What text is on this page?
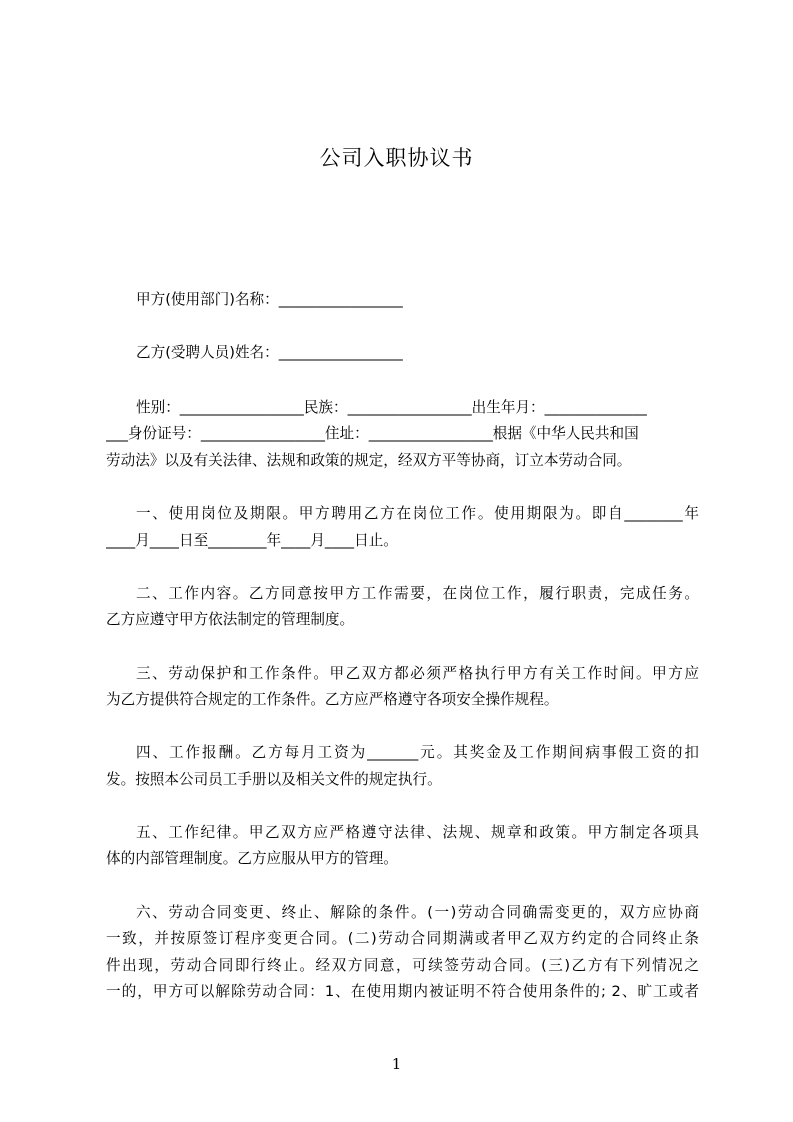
公司入职协议书
甲方(使用部门)名称：_________________
乙方(受聘人员)姓名：_________________
性别：_________________民族：_________________出生年月：______________
___身份证号：_________________住址：_________________根据《中华人民共和国
劳动法》以及有关法律、法规和政策的规定，经双方平等协商，订立本劳动合同。
一、使用岗位及期限。甲方聘用乙方在岗位工作。使用期限为。即自________年
____月____日至________年____月____日止。
二、工作内容。乙方同意按甲方工作需要，在岗位工作，履行职责，完成任务。
乙方应遵守甲方依法制定的管理制度。
三、劳动保护和工作条件。甲乙双方都必须严格执行甲方有关工作时间。甲方应
为乙方提供符合规定的工作条件。乙方应严格遵守各项安全操作规程。
四、工作报酬。乙方每月工资为_______元。其奖金及工作期间病事假工资的扣
发。按照本公司员工手册以及相关文件的规定执行。
五、工作纪律。甲乙双方应严格遵守法律、法规、规章和政策。甲方制定各项具
体的内部管理制度。乙方应服从甲方的管理。
六、劳动合同变更、终止、解除的条件。(一)劳动合同确需变更的，双方应协商
一致，并按原签订程序变更合同。(二)劳动合同期满或者甲乙双方约定的合同终止条
件出现，劳动合同即行终止。经双方同意，可续签劳动合同。(三)乙方有下列情况之
一的，甲方可以解除劳动合同：1、在使用期内被证明不符合使用条件的; 2、旷工或者
1
